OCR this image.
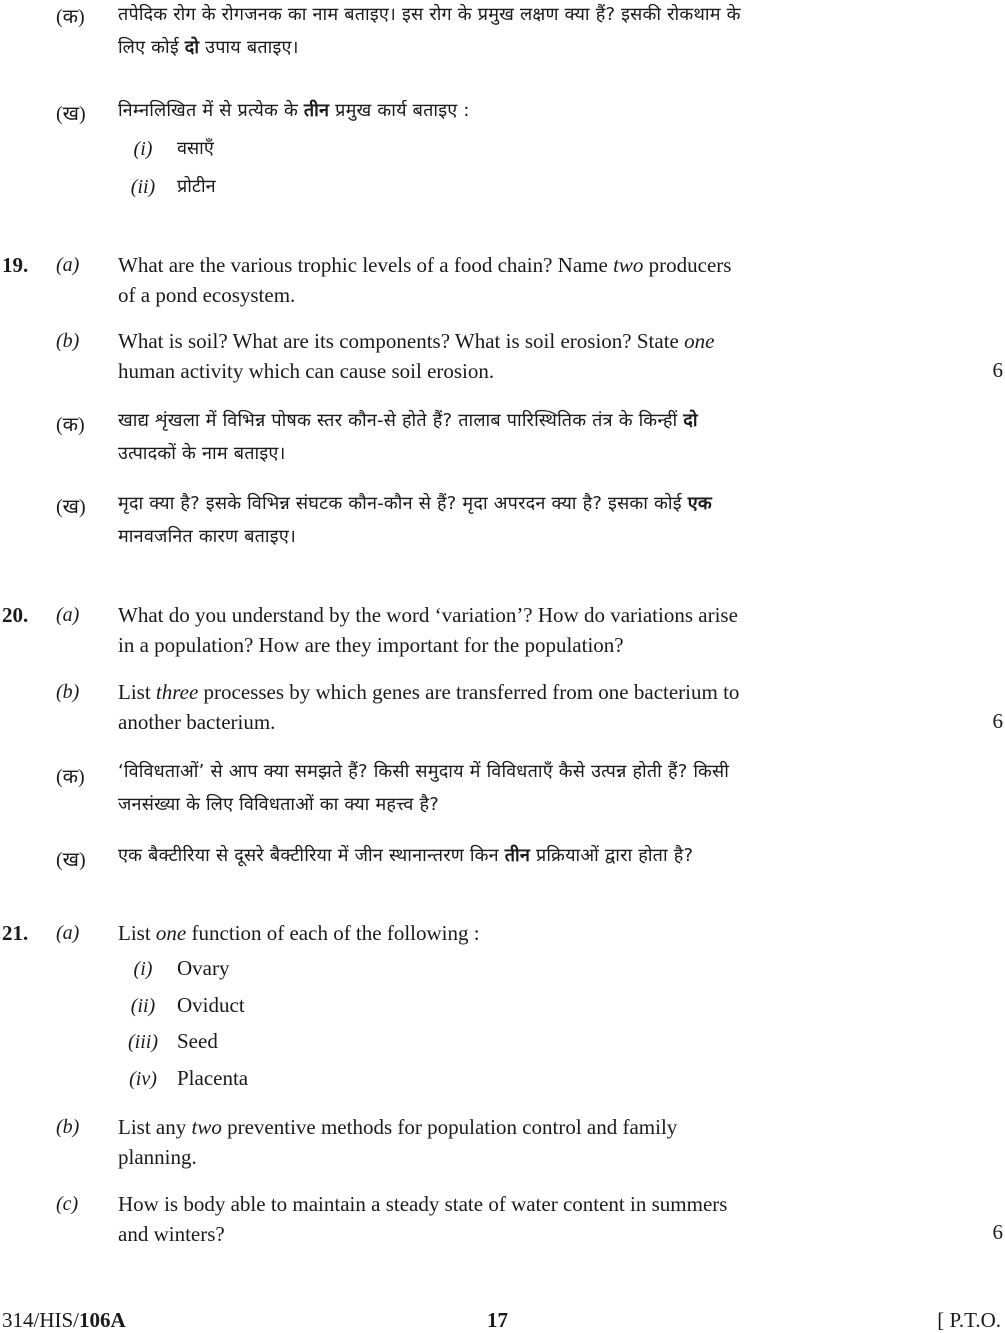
(क) तपेदिक रोग के रोगजनक का नाम बताइए। इस रोग के प्रमुख लक्षण क्या हैं? इसकी रोकथाम के
लिए कोई दो उपाय बताइए।
(ख) निम्नलिखित में से प्रत्येक के तीन प्रमुख कार्य बताइए :
(i)	वसाएँ
(ii)	प्रोटीन
19. (a) What are the various trophic levels of a food chain? Name two producers
of a pond ecosystem.
(b) What is soil? What are its components? What is soil erosion? State one
human activity which can cause soil erosion.	6
(क) खाद्य शृंखला में विभिन्न पोषक स्तर कौन-से होते हैं? तालाब पारिस्थितिक तंत्र के किन्हीं दो
उत्पादकों के नाम बताइए।
(ख) मृदा क्या है? इसके विभिन्न संघटक कौन-कौन से हैं? मृदा अपरदन क्या है? इसका कोई एक
मानवजनित कारण बताइए।
20. (a) What do you understand by the word ‘variation’? How do variations arise
in a population? How are they important for the population?
(b) List three processes by which genes are transferred from one bacterium to
another bacterium.	6
(क) ‘विविधताओं’ से आप क्या समझते हैं? किसी समुदाय में विविधताएँ कैसे उत्पन्न होती हैं? किसी
जनसंख्या के लिए विविधताओं का क्या महत्त्व है?
(ख) एक बैक्टीरिया से दूसरे बैक्टीरिया में जीन स्थानान्तरण किन तीन प्रक्रियाओं द्वारा होता है?
21. (a) List one function of each of the following :
(i)	Ovary
(ii)	Oviduct
(iii) Seed
(iv) Placenta
(b) List any two preventive methods for population control and family
planning.
(c) How is body able to maintain a steady state of water content in summers
and winters?	6
314/HIS/106A	17	[ P.T.O.
